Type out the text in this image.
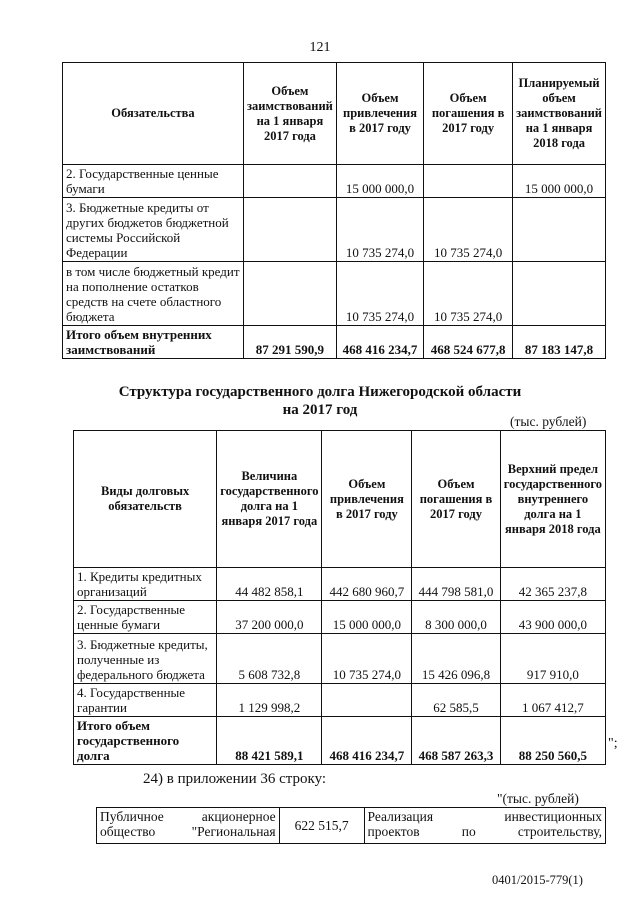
121
Обязательства	Объем заимствований на 1 января 2017 года	Объем привлечения в 2017 году	Объем погашения в 2017 году	Планируемый объем заимствований на 1 января 2018 года
2. Государственные ценные бумаги		15 000 000,0		15 000 000,0
3. Бюджетные кредиты от других бюджетов бюджетной системы Российской Федерации		10 735 274,0	10 735 274,0	
в том числе бюджетный кредит на пополнение остатков средств на счете областного бюджета		10 735 274,0	10 735 274,0	
Итого объем внутренних заимствований	87 291 590,9	468 416 234,7	468 524 677,8	87 183 147,8
Структура государственного долга Нижегородской области
на 2017 год
(тыс. рублей)
Виды долговых обязательств	Величина государственного долга на 1 января 2017 года	Объем привлечения в 2017 году	Объем погашения в 2017 году	Верхний предел государственного внутреннего долга на 1 января 2018 года
1. Кредиты кредитных организаций	44 482 858,1	442 680 960,7	444 798 581,0	42 365 237,8
2. Государственные ценные бумаги	37 200 000,0	15 000 000,0	8 300 000,0	43 900 000,0
3. Бюджетные кредиты, полученные из федерального бюджета	5 608 732,8	10 735 274,0	15 426 096,8	917 910,0
4. Государственные гарантии	1 129 998,2		62 585,5	1 067 412,7
Итого объем государственного долга	88 421 589,1	468 416 234,7	468 587 263,3	88 250 560,5
";
24) в приложении 36 строку:
"(тыс. рублей)
Публичное акционерное
общество "Региональная	622 515,7	
Реализация инвестиционных
проектов по строительству,
0401/2015-779(1)
